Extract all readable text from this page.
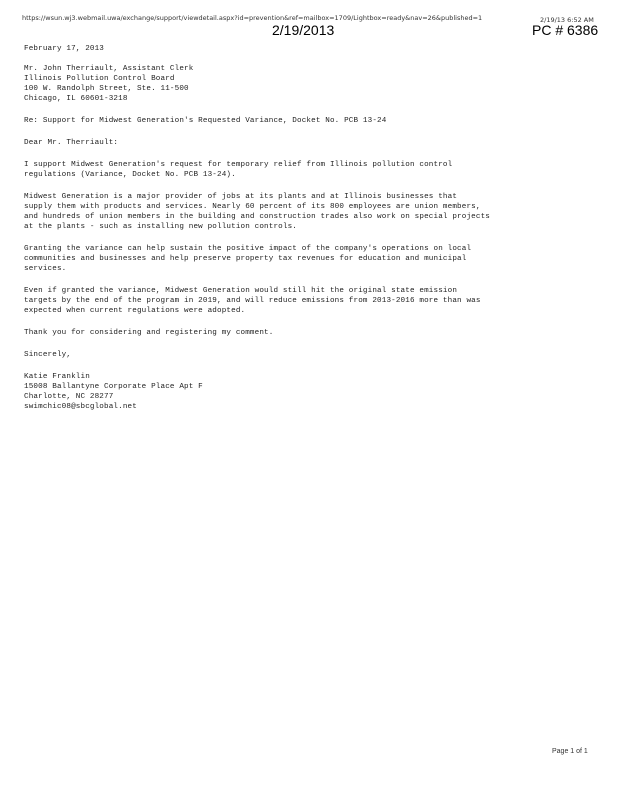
https://wsun.wj3.webmail.uwa/exchange/support/viewdetail.aspx?id=prevention&ref=mailbox=1709/Lightbox=ready&nav=26&published=1
2/19/2013
2/19/13 6:52 AM
PC # 6386
February 17, 2013
Mr. John Therriault, Assistant Clerk
Illinois Pollution Control Board
100 W. Randolph Street, Ste. 11-500
Chicago, IL 60601-3218
Re: Support for Midwest Generation's Requested Variance, Docket No. PCB 13-24
Dear Mr. Therriault:
I support Midwest Generation's request for temporary relief from Illinois pollution control
regulations (Variance, Docket No. PCB 13-24).
Midwest Generation is a major provider of jobs at its plants and at Illinois businesses that
supply them with products and services. Nearly 60 percent of its 800 employees are union members,
and hundreds of union members in the building and construction trades also work on special projects
at the plants - such as installing new pollution controls.
Granting the variance can help sustain the positive impact of the company's operations on local
communities and businesses and help preserve property tax revenues for education and municipal
services.
Even if granted the variance, Midwest Generation would still hit the original state emission
targets by the end of the program in 2019, and will reduce emissions from 2013-2016 more than was
expected when current regulations were adopted.
Thank you for considering and registering my comment.
Sincerely,
Katie Franklin
15008 Ballantyne Corporate Place Apt F
Charlotte, NC 28277
swimchic08@sbcglobal.net
Page 1 of 1
